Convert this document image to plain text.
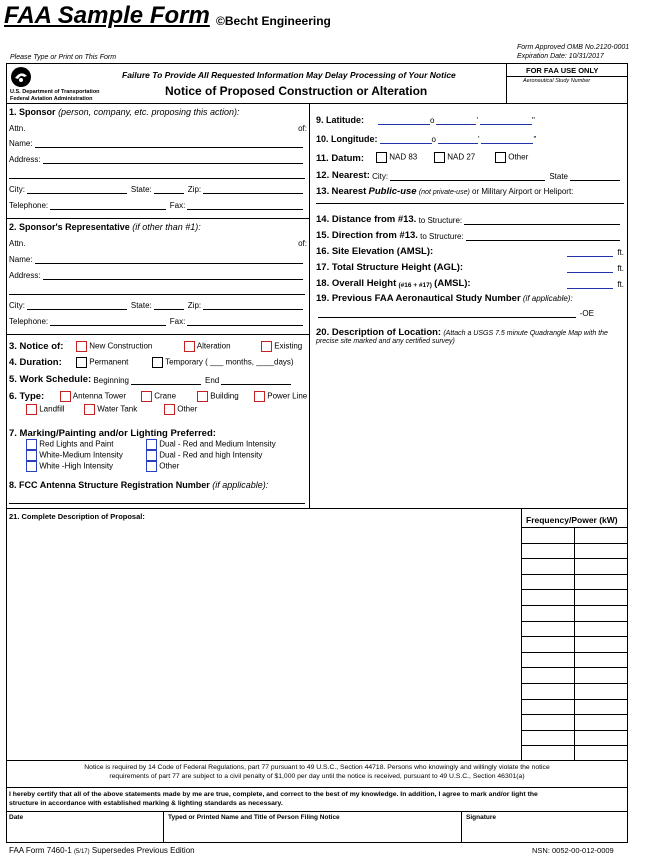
FAA Sample Form ©Becht Engineering
Please Type or Print on This Form
Form Approved OMB No.2120-0001
Expiration Date: 10/31/2017
U.S. Department of Transportation
Federal Aviation Administration
Failure To Provide All Requested Information May Delay Processing of Your Notice
Notice of Proposed Construction or Alteration
FOR FAA USE ONLY
Aeronautical Study Number
1. Sponsor (person, company, etc. proposing this action):
Attn.	of:
Name:
Address:
City:	State:	Zip:
Telephone:	Fax:
2. Sponsor's Representative (if other than #1):
Attn.	of:
Name:
Address:
City:	State:	Zip:
Telephone:	Fax:
3. Notice of:	New Construction	Alteration	Existing
4. Duration:	Permanent	Temporary ( ___ months, ____days)
5. Work Schedule:
Beginning	End
6. Type:	Antenna Tower	Crane	Building	Power Line
Landfill	Water Tank	Other
7. Marking/Painting and/or Lighting Preferred:
Red Lights and Paint
White-Medium Intensity
White -High Intensity
Dual - Red and Medium Intensity
Dual - Red and high Intensity
Other
8. FCC Antenna Structure Registration Number (if applicable):
9. Latitude:	o	'	"
10. Longitude:	o	'	"
11. Datum:	NAD 83	NAD 27	Other
12. Nearest:
City:	State
13. Nearest Public-use (not private-use) or Military Airport or Heliport:
14. Distance from #13.
to Structure:
15. Direction from #13.
to Structure:
16. Site Elevation (AMSL):	ft.
17. Total Structure Height (AGL):	ft.
18. Overall Height
(#16 + #17)
(AMSL):	ft.
19. Previous FAA Aeronautical Study Number (if applicable):
-OE
20. Description of Location: (Attach a USGS 7.5 minute Quadrangle Map with the
precise site marked and any certified survey)
21. Complete Description of Proposal:	Frequency/Power (kW)
Notice is required by 14 Code of Federal Regulations, part 77 pursuant to 49 U.S.C., Section 44718. Persons who knowingly and willingly violate the notice
requirements of part 77 are subject to a civil penalty of $1,000 per day until the notice is received, pursuant to 49 U.S.C., Section 46301(a)
I hereby certify that all of the above statements made by me are true, complete, and correct to the best of my knowledge. In addition, I agree to mark and/or light the
structure in accordance with established marking & lighting standards as necessary.
Date	Typed or Printed Name and Title of Person Filing Notice	Signature
FAA Form 7460-1 (5/17) Supersedes Previous Edition	NSN: 0052-00-012-0009
